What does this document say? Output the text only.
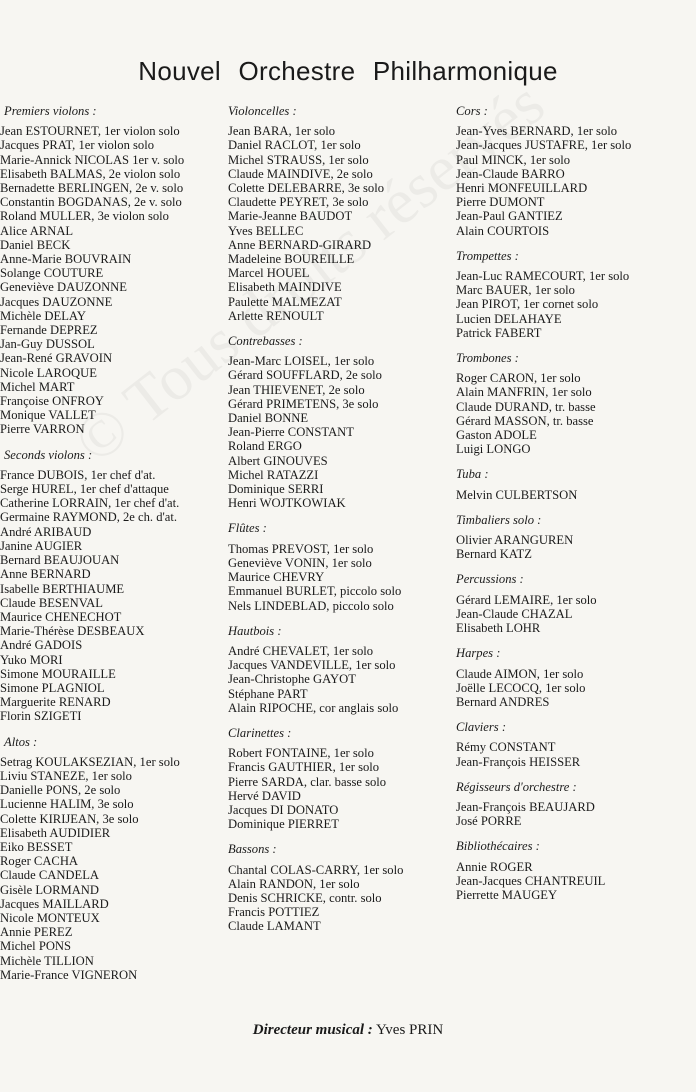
Nouvel Orchestre Philharmonique
Premiers violons :
Jean ESTOURNET, 1er violon solo
Jacques PRAT, 1er violon solo
Marie-Annick NICOLAS 1er v. solo
Elisabeth BALMAS, 2e violon solo
Bernadette BERLINGEN, 2e v. solo
Constantin BOGDANAS, 2e v. solo
Roland MULLER, 3e violon solo
Alice ARNAL
Daniel BECK
Anne-Marie BOUVRAIN
Solange COUTURE
Geneviève DAUZONNE
Jacques DAUZONNE
Michèle DELAY
Fernande DEPREZ
Jan-Guy DUSSOL
Jean-René GRAVOIN
Nicole LAROQUE
Michel MART
Françoise ONFROY
Monique VALLET
Pierre VARRON
Seconds violons :
France DUBOIS, 1er chef d'at.
Serge HUREL, 1er chef d'attaque
Catherine LORRAIN, 1er chef d'at.
Germaine RAYMOND, 2e ch. d'at.
André ARIBAUD
Janine AUGIER
Bernard BEAUJOUAN
Anne BERNARD
Isabelle BERTHIAUME
Claude BESENVAL
Maurice CHENECHOT
Marie-Thérèse DESBEAUX
André GADOIS
Yuko MORI
Simone MOURAILLE
Simone PLAGNIOL
Marguerite RENARD
Florin SZIGETI
Altos :
Setrag KOULAKSEZIAN, 1er solo
Liviu STANEZE, 1er solo
Danielle PONS, 2e solo
Lucienne HALIM, 3e solo
Colette KIRIJEAN, 3e solo
Elisabeth AUDIDIER
Eiko BESSET
Roger CACHA
Claude CANDELA
Gisèle LORMAND
Jacques MAILLARD
Nicole MONTEUX
Annie PEREZ
Michel PONS
Michèle TILLION
Marie-France VIGNERON
Violoncelles :
Jean BARA, 1er solo
Daniel RACLOT, 1er solo
Michel STRAUSS, 1er solo
Claude MAINDIVE, 2e solo
Colette DELEBARRE, 3e solo
Claudette PEYRET, 3e solo
Marie-Jeanne BAUDOT
Yves BELLEC
Anne BERNARD-GIRARD
Madeleine BOUREILLE
Marcel HOUEL
Elisabeth MAINDIVE
Paulette MALMEZAT
Arlette RENOULT
Contrebasses :
Jean-Marc LOISEL, 1er solo
Gérard SOUFFLARD, 2e solo
Jean THIEVENET, 2e solo
Gérard PRIMETENS, 3e solo
Daniel BONNE
Jean-Pierre CONSTANT
Roland ERGO
Albert GINOUVES
Michel RATAZZI
Dominique SERRI
Henri WOJTKOWIAK
Flûtes :
Thomas PREVOST, 1er solo
Geneviève VONIN, 1er solo
Maurice CHEVRY
Emmanuel BURLET, piccolo solo
Nels LINDEBLAD, piccolo solo
Hautbois :
André CHEVALET, 1er solo
Jacques VANDEVILLE, 1er solo
Jean-Christophe GAYOT
Stéphane PART
Alain RIPOCHE, cor anglais solo
Clarinettes :
Robert FONTAINE, 1er solo
Francis GAUTHIER, 1er solo
Pierre SARDA, clar. basse solo
Hervé DAVID
Jacques DI DONATO
Dominique PIERRET
Bassons :
Chantal COLAS-CARRY, 1er solo
Alain RANDON, 1er solo
Denis SCHRICKE, contr. solo
Francis POTTIEZ
Claude LAMANT
Cors :
Jean-Yves BERNARD, 1er solo
Jean-Jacques JUSTAFRE, 1er solo
Paul MINCK, 1er solo
Jean-Claude BARRO
Henri MONFEUILLARD
Pierre DUMONT
Jean-Paul GANTIEZ
Alain COURTOIS
Trompettes :
Jean-Luc RAMECOURT, 1er solo
Marc BAUER, 1er solo
Jean PIROT, 1er cornet solo
Lucien DELAHAYE
Patrick FABERT
Trombones :
Roger CARON, 1er solo
Alain MANFRIN, 1er solo
Claude DURAND, tr. basse
Gérard MASSON, tr. basse
Gaston ADOLE
Luigi LONGO
Tuba :
Melvin CULBERTSON
Timbaliers solo :
Olivier ARANGUREN
Bernard KATZ
Percussions :
Gérard LEMAIRE, 1er solo
Jean-Claude CHAZAL
Elisabeth LOHR
Harpes :
Claude AIMON, 1er solo
Joëlle LECOCQ, 1er solo
Bernard ANDRES
Claviers :
Rémy CONSTANT
Jean-François HEISSER
Régisseurs d'orchestre :
Jean-François BEAUJARD
José PORRE
Bibliothécaires :
Annie ROGER
Jean-Jacques CHANTREUIL
Pierrette MAUGEY
Directeur musical : Yves PRIN
